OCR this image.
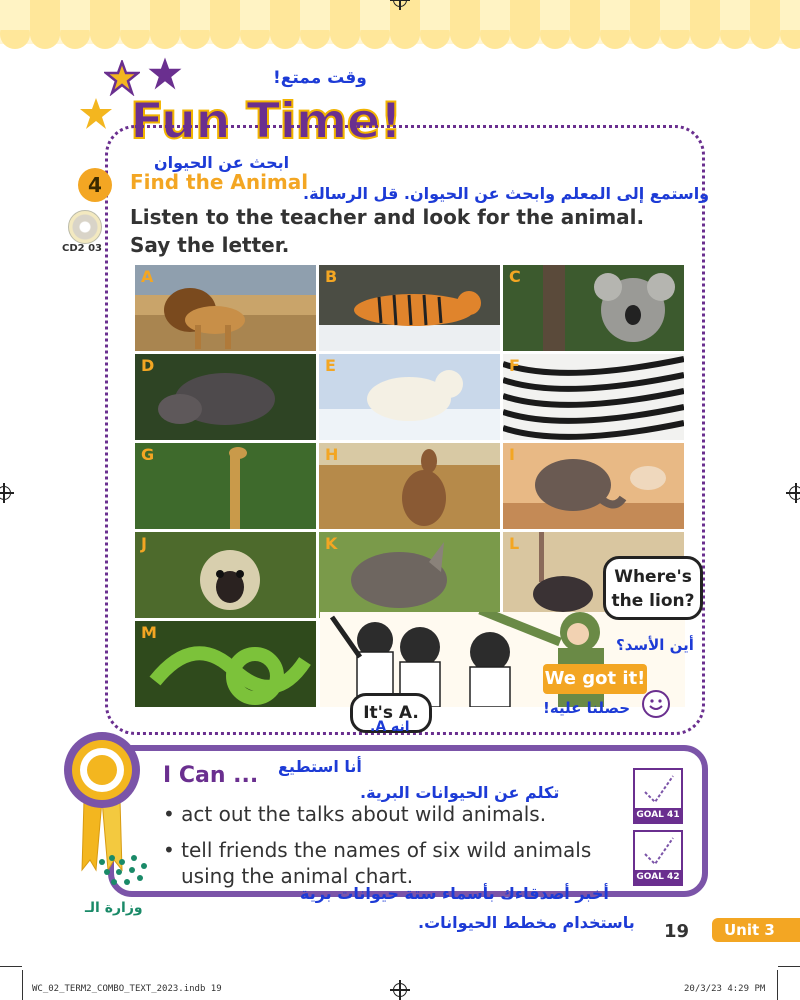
وقت ممتع!
Fun Time!
4
ابحث عن الحيوان
Find the Animal
واستمع إلى المعلم وابحث عن الحيوان. قل الرسالة.
CD2 03
Listen to the teacher and look for the animal.
Say the letter.
A	B	C
D	E	F
G	H	I
J	K	L
M
Where's the lion?
أين الأسد؟
It's A.
انه A.
We got it!
حصلنا عليه!
I Can ... أنا استطيع
تكلم عن الحيوانات البرية.
• act out the talks about wild animals.
• tell friends the names of six wild animals
using the animal chart.
أخبر أصدقاءك بأسماء ستة حيوانات برية
باستخدام مخطط الحيوانات.
GOAL 41
GOAL 42
وزارة الـ
19	Unit 3
WC_02_TERM2_COMBO_TEXT_2023.indb 19	20/3/23 4:29 PM
